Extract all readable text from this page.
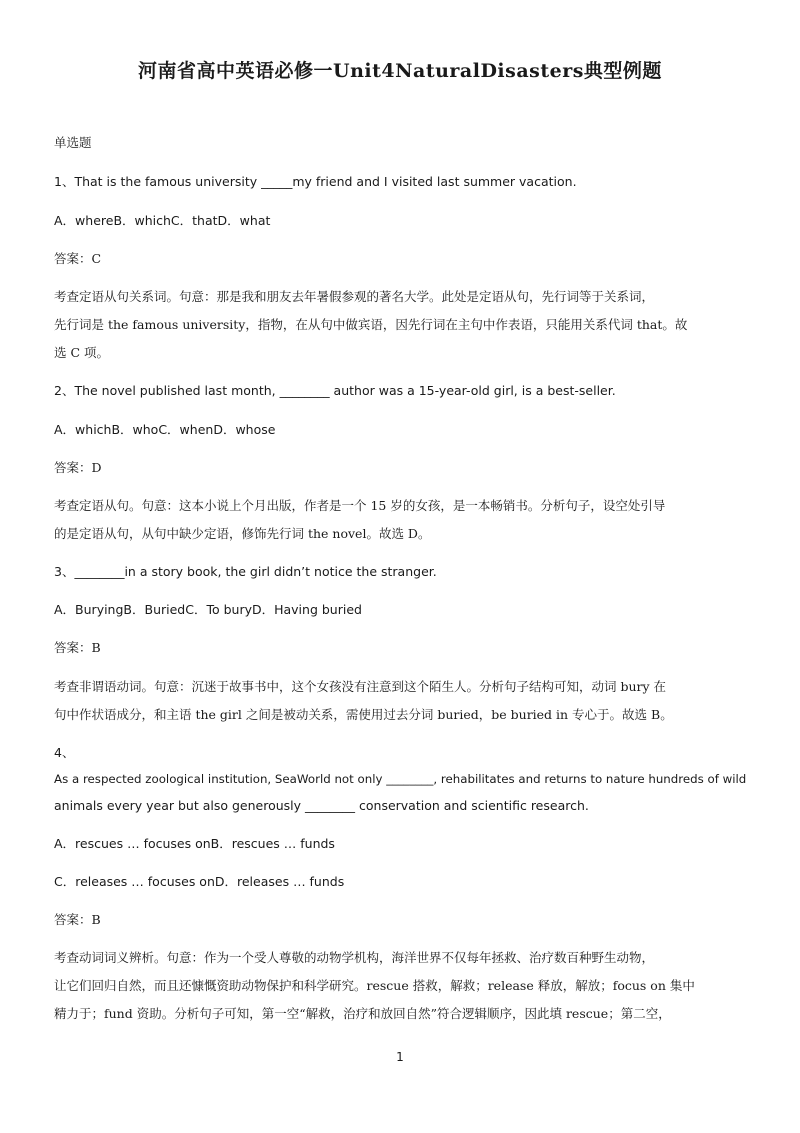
河南省高中英语必修一Unit4NaturalDisasters典型例题
单选题
1、That is the famous university _____my friend and I visited last summer vacation.
A．whereB．whichC．thatD．what
答案：C
考查定语从句关系词。句意：那是我和朋友去年暑假参观的著名大学。此处是定语从句，先行词等于关系词，
先行词是 the famous university，指物，在从句中做宾语，因先行词在主句中作表语，只能用关系代词 that。故
选 C 项。
2、The novel published last month, ________ author was a 15-year-old girl, is a best-seller.
A．whichB．whoC．whenD．whose
答案：D
考查定语从句。句意：这本小说上个月出版，作者是一个 15 岁的女孩，是一本畅销书。分析句子，设空处引导
的是定语从句，从句中缺少定语，修饰先行词 the novel。故选 D。
3、________in a story book, the girl didn’t notice the stranger.
A．BuryingB．BuriedC．To buryD．Having buried
答案：B
考查非谓语动词。句意：沉迷于故事书中，这个女孩没有注意到这个陌生人。分析句子结构可知，动词 bury 在
句中作状语成分，和主语 the girl 之间是被动关系，需使用过去分词 buried，be buried in 专心于。故选 B。
4、
As a respected zoological institution, SeaWorld not only ________, rehabilitates and returns to nature hundreds of wild
animals every year but also generously ________ conservation and scientific research.
A．rescues … focuses onB．rescues … funds
C．releases … focuses onD．releases … funds
答案：B
考查动词词义辨析。句意：作为一个受人尊敬的动物学机构，海洋世界不仅每年拯救、治疗数百种野生动物，
让它们回归自然，而且还慷慨资助动物保护和科学研究。rescue 搭救，解救；release 释放，解放；focus on 集中
精力于；fund 资助。分析句子可知，第一空“解救，治疗和放回自然”符合逻辑顺序，因此填 rescue；第二空，
1
